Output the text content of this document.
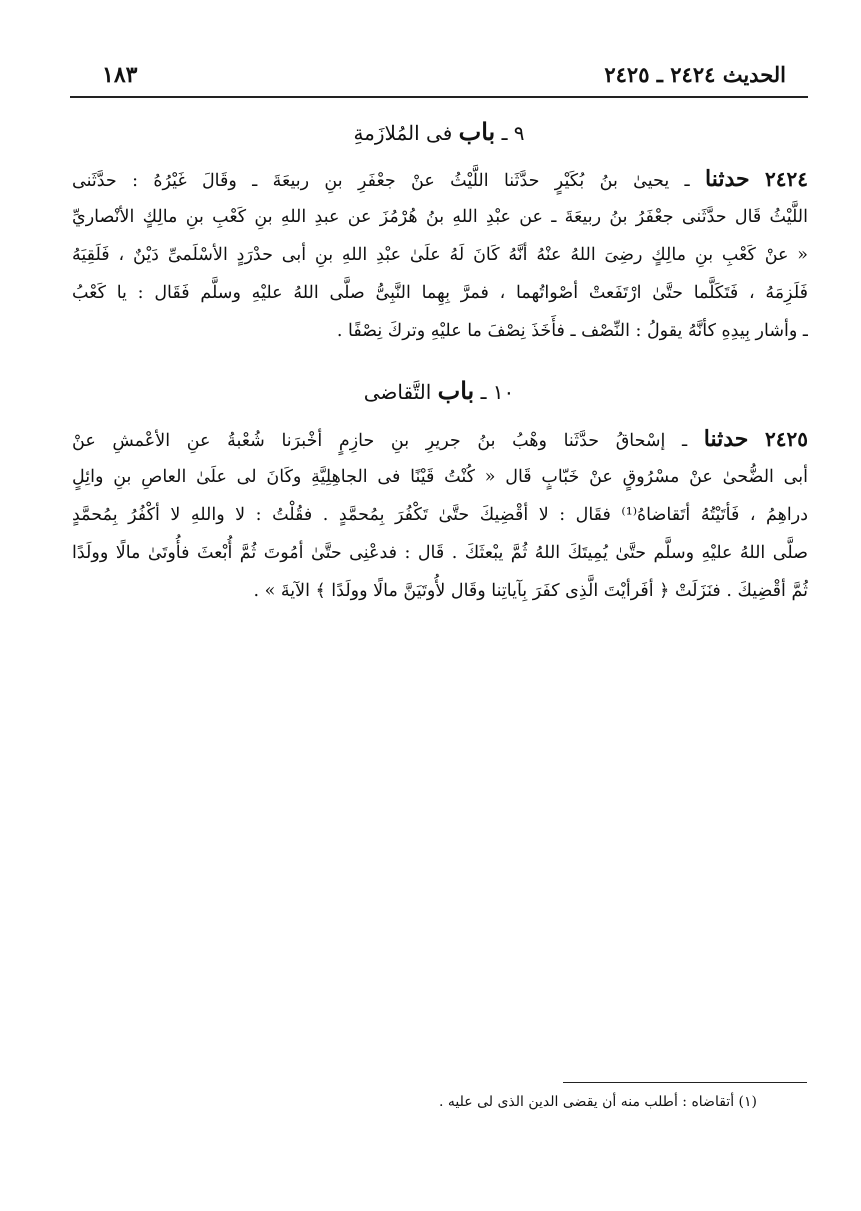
الحديث ٢٤٢٤ ـ ٢٤٢٥
١٨٣
٩ ـ باب فى المُلازَمةِ
٢٤٢٤ حدثنا ـ يحيىٰ بنُ بُكَيْرٍ حدَّثَنا اللَّيْثُ عنْ جعْفَرِ بنِ ربيعَةَ ـ وقَالَ غَيْرُهُ : حدَّثَنى
اللَّيْثُ قَال حدَّثَنى جعْفَرُ بنُ ربيعَةَ ـ عن عبْدِ اللهِ بنُ هُرْمُزَ عن عبدِ اللهِ بنِ كَعْبِ بنِ مالِكٍ الأنْصاريِّ
« عنْ كَعْبِ بنِ مالِكٍ رضِىَ اللهُ عنْهُ أنَّهُ كَانَ لَهُ علَىٰ عبْدِ اللهِ بنِ أبى حدْرَدٍ الأسْلَمىِّ دَيْنٌ ، فَلَقِيَهُ
فَلَزِمَهُ ، فَتَكَلَّما حتَّىٰ ارْتَفَعتْ أصْواتُهما ، فمرَّ بِهِما النَّبِىُّ صلَّى اللهُ عليْهِ وسلَّم فَقَال : يا كَعْبُ
ـ وأشار بِيدِهِ كأنَّهُ يقولُ : النِّصْف ـ فأَخَذَ نِصْفَ ما عليْهِ وتركَ نِصْفًا .
١٠ ـ باب التَّقاضى
٢٤٢٥ حدثنا ـ إسْحاقُ حدَّثَنا وهْبُ بنُ جريرِ بنِ حازِمٍ أخْبرَنا شُعْبةُ عنِ الأعْمشِ عنْ
أبى الضُّحىٰ عنْ مسْرُوقٍ عنْ خَبّابٍ قَال « كُنْتُ قَيْنًا فى الجاهِلِيَّةِ وكَانَ لى علَىٰ العاصِ بنِ وائِلٍ
دراهِمُ ، فَأتَيْتُهُ أتَقاضاهُ⁽¹⁾ فقَال : لا أقْضِيكَ حتَّىٰ تَكْفُرَ بِمُحمَّدٍ . فقُلْتُ : لا واللهِ لا أكْفُرُ بِمُحمَّدٍ
صلَّى اللهُ عليْهِ وسلَّم حتَّىٰ يُمِيتَكَ اللهُ ثُمَّ يبْعثَكَ . قَال : فدعْنِى حتَّىٰ أمُوتَ ثُمَّ أُبْعثَ فأُوتَىٰ مالًا وولَدًا
ثُمَّ أقْضِيكَ . فنَزَلَتْ ﴿ أفَرأيْتَ الَّذِى كفَرَ بِآياتِنا وقَال لأُوتَيَنَّ مالًا وولَدًا ﴾ الآيةَ » .
(١) أتقاضاه : أطلب منه أن يقضى الدين الذى لى عليه .
